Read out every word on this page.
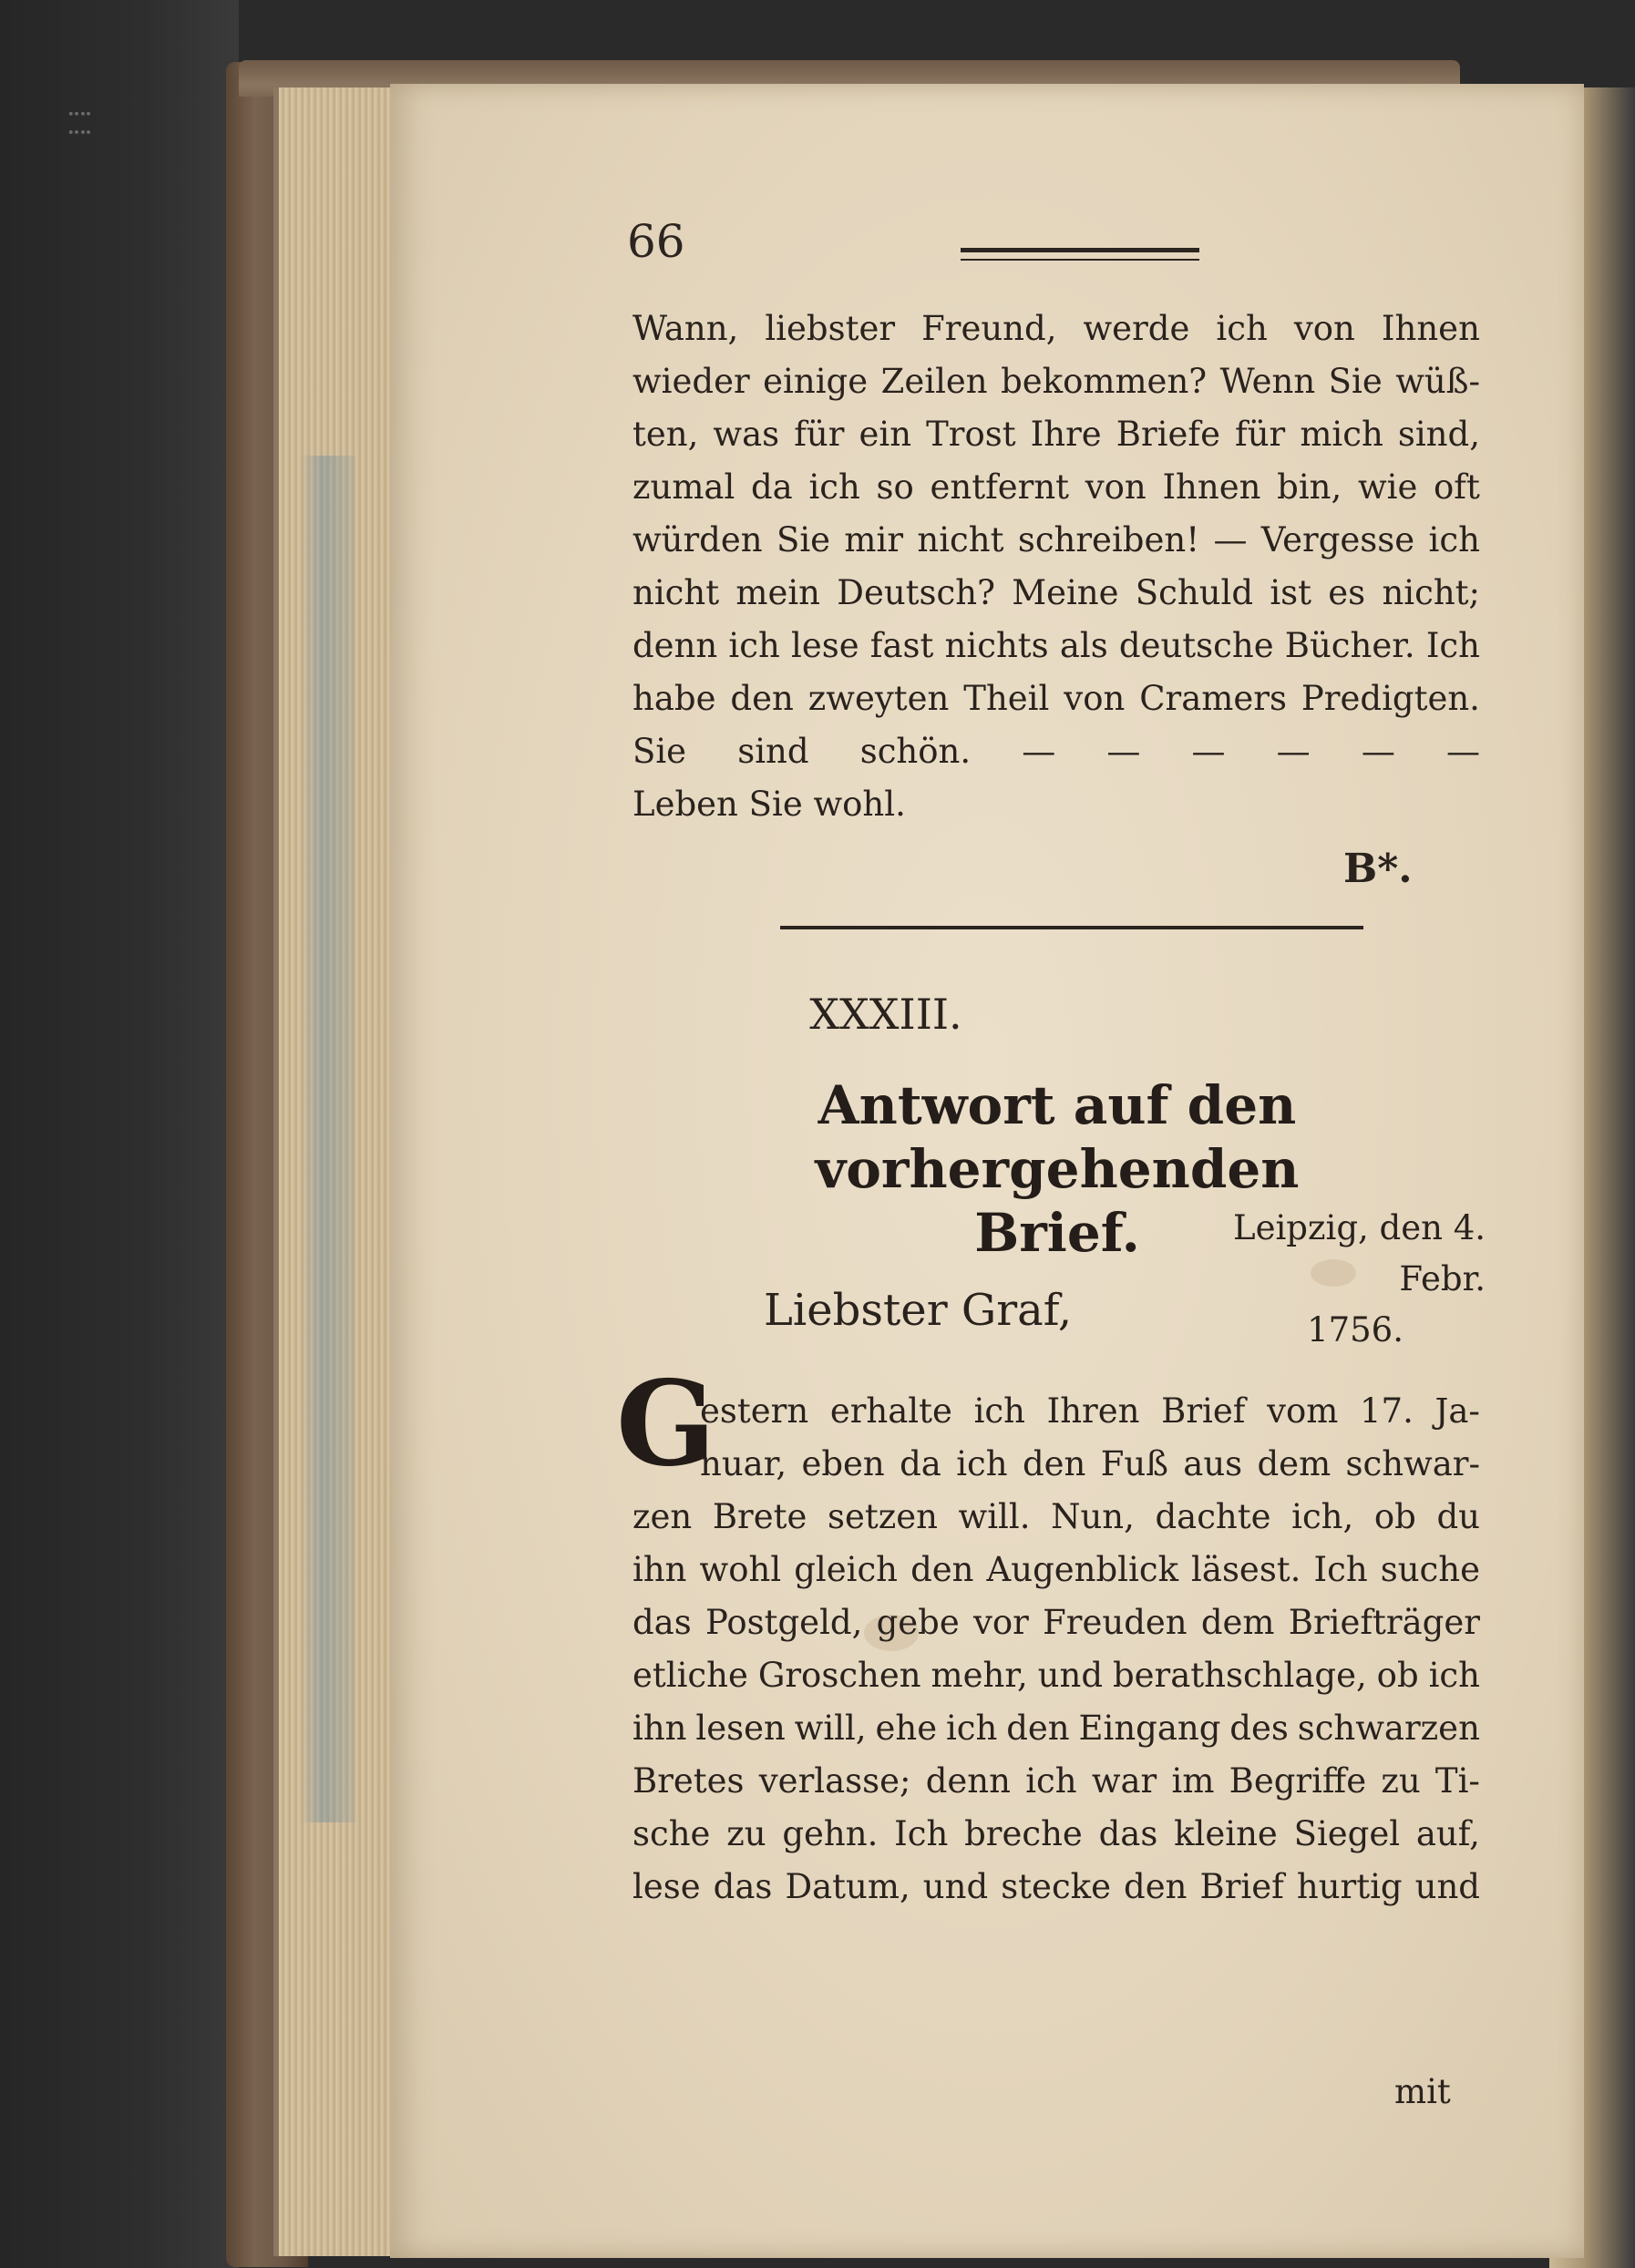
⁞ ⁞
66
Wann, liebster Freund, werde ich von Ihnen
wieder einige Zeilen bekommen? Wenn Sie wüß-
ten, was für ein Trost Ihre Briefe für mich sind,
zumal da ich so entfernt von Ihnen bin, wie oft
würden Sie mir nicht schreiben! — Vergesse ich
nicht mein Deutsch? Meine Schuld ist es nicht;
denn ich lese fast nichts als deutsche Bücher. Ich
habe den zweyten Theil von Cramers Predigten.
Sie sind schön. — — — — — —
Leben Sie wohl.
B*.
XXXIII.
Antwort auf den vorhergehenden
Brief.	Leipzig, den 4. Febr.
1756.
Liebster Graf,
G
estern erhalte ich Ihren Brief vom 17. Ja-
nuar, eben da ich den Fuß aus dem schwar-
zen Brete setzen will. Nun, dachte ich, ob du
ihn wohl gleich den Augenblick läsest. Ich suche
das Postgeld, gebe vor Freuden dem Briefträger
etliche Groschen mehr, und berathschlage, ob ich
ihn lesen will, ehe ich den Eingang des schwarzen
Bretes verlasse; denn ich war im Begriffe zu Ti-
sche zu gehn. Ich breche das kleine Siegel auf,
lese das Datum, und stecke den Brief hurtig und
mit
